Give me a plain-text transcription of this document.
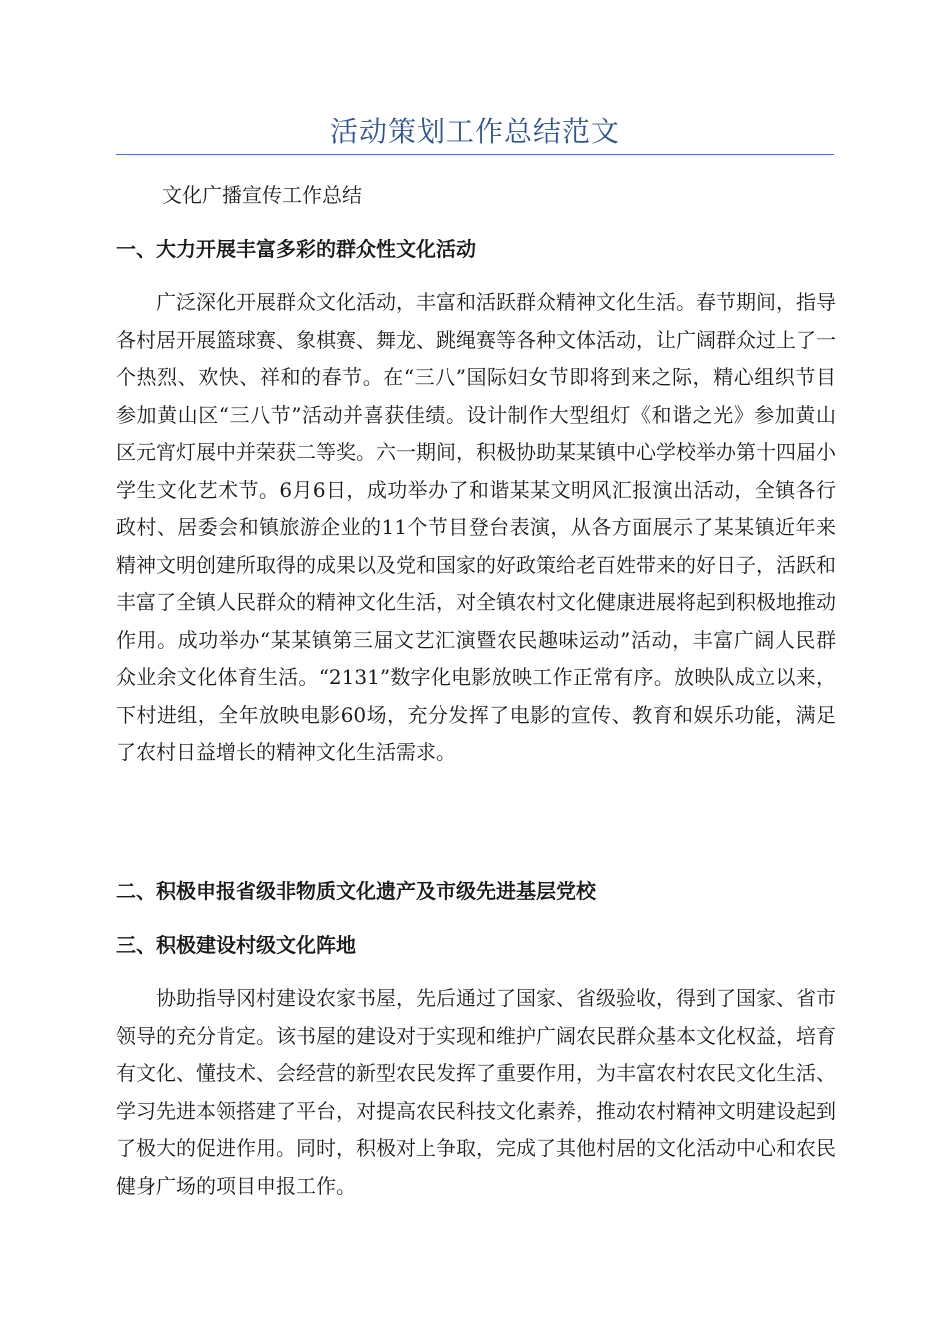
活动策划工作总结范文
文化广播宣传工作总结
一、大力开展丰富多彩的群众性文化活动
广泛深化开展群众文化活动，丰富和活跃群众精神文化生活。春节期间，指导各村居开展篮球赛、象棋赛、舞龙、跳绳赛等各种文体活动，让广阔群众过上了一个热烈、欢快、祥和的春节。在“三八”国际妇女节即将到来之际，精心组织节目参加黄山区“三八节”活动并喜获佳绩。设计制作大型组灯《和谐之光》参加黄山区元宵灯展中并荣获二等奖。六一期间，积极协助某某镇中心学校举办第十四届小学生文化艺术节。6月6日，成功举办了和谐某某文明风汇报演出活动，全镇各行政村、居委会和镇旅游企业的11个节目登台表演，从各方面展示了某某镇近年来精神文明创建所取得的成果以及党和国家的好政策给老百姓带来的好日子，活跃和丰富了全镇人民群众的精神文化生活，对全镇农村文化健康进展将起到积极地推动作用。成功举办“某某镇第三届文艺汇演暨农民趣味运动”活动，丰富广阔人民群众业余文化体育生活。“2131”数字化电影放映工作正常有序。放映队成立以来，下村进组，全年放映电影60场，充分发挥了电影的宣传、教育和娱乐功能，满足了农村日益增长的精神文化生活需求。
二、积极申报省级非物质文化遗产及市级先进基层党校
三、积极建设村级文化阵地
协助指导冈村建设农家书屋，先后通过了国家、省级验收，得到了国家、省市领导的充分肯定。该书屋的建设对于实现和维护广阔农民群众基本文化权益，培育有文化、懂技术、会经营的新型农民发挥了重要作用，为丰富农村农民文化生活、学习先进本领搭建了平台，对提高农民科技文化素养，推动农村精神文明建设起到了极大的促进作用。同时，积极对上争取，完成了其他村居的文化活动中心和农民健身广场的项目申报工作。
